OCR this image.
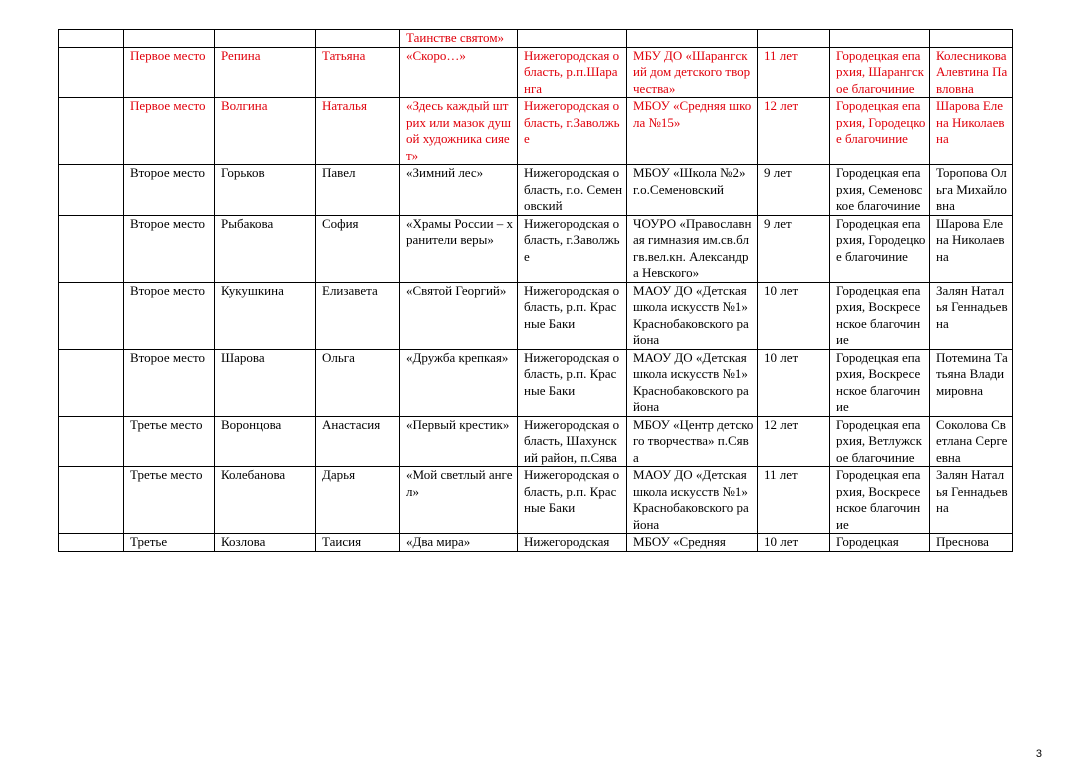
				Таинстве святом»					
	Первое место	Репина	Татьяна	«Скоро…»	Нижегородская область, р.п.Шаранга	МБУ ДО «Шарангский дом детского творчества»	11 лет	Городецкая епархия, Шарангское благочиние	Колесникова Алевтина Павловна
	Первое место	Волгина	Наталья	«Здесь каждый штрих или мазок душой художника сияет»	Нижегородская область, г.Заволжье	МБОУ «Средняя школа №15»	12 лет	Городецкая епархия, Городецкое благочиние	Шарова Елена Николаевна
	Второе место	Горьков	Павел	«Зимний лес»	Нижегородская область, г.о. Семеновский	МБОУ «Школа №2» г.о.Семеновский	9 лет	Городецкая епархия, Семеновское благочиние	Торопова Ольга Михайловна
	Второе место	Рыбакова	София	«Храмы России – хранители веры»	Нижегородская область, г.Заволжье	ЧОУРО «Православная гимназия им.св.блгв.вел.кн. Александра Невского»	9 лет	Городецкая епархия, Городецкое благочиние	Шарова Елена Николаевна
	Второе место	Кукушкина	Елизавета	«Святой Георгий»	Нижегородская область, р.п. Красные Баки	МАОУ ДО «Детская школа искусств №1» Краснобаковского района	10 лет	Городецкая епархия, Воскресенское благочиние	Залян Наталья Геннадьевна
	Второе место	Шарова	Ольга	«Дружба крепкая»	Нижегородская область, р.п. Красные Баки	МАОУ ДО «Детская школа искусств №1» Краснобаковского района	10 лет	Городецкая епархия, Воскресенское благочиние	Потемина Татьяна Владимировна
	Третье место	Воронцова	Анастасия	«Первый крестик»	Нижегородская область, Шахунский район, п.Сява	МБОУ «Центр детского творчества» п.Сява	12 лет	Городецкая епархия, Ветлужское благочиние	Соколова Светлана Сергеевна
	Третье место	Колебанова	Дарья	«Мой светлый ангел»	Нижегородская область, р.п. Красные Баки	МАОУ ДО «Детская школа искусств №1» Краснобаковского района	11 лет	Городецкая епархия, Воскресенское благочиние	Залян Наталья Геннадьевна
	Третье	Козлова	Таисия	«Два мира»	Нижегородская	МБОУ «Средняя	10 лет	Городецкая	Преснова
3
